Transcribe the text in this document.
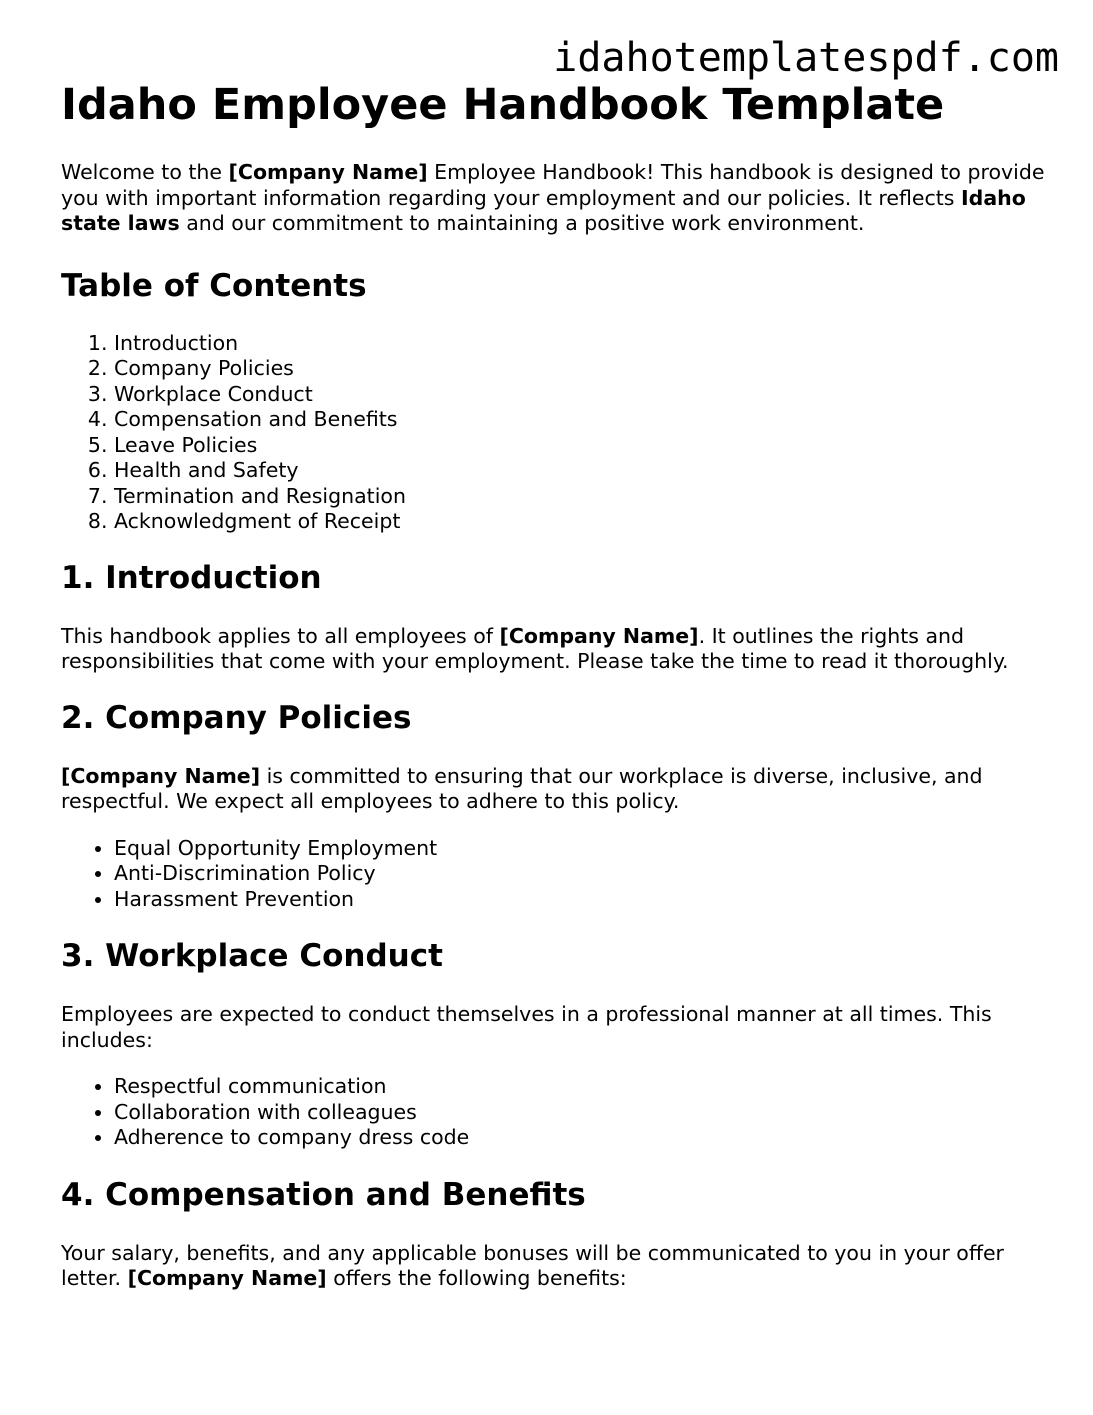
idahotemplatespdf.com
Idaho Employee Handbook Template

Welcome to the [Company Name] Employee Handbook! This handbook is designed to provide you with important information regarding your employment and our policies. It reflects Idaho state laws and our commitment to maintaining a positive work environment.

Table of Contents
1. Introduction
2. Company Policies
3. Workplace Conduct
4. Compensation and Benefits
5. Leave Policies
6. Health and Safety
7. Termination and Resignation
8. Acknowledgment of Receipt
1. Introduction

This handbook applies to all employees of [Company Name]. It outlines the rights and responsibilities that come with your employment. Please take the time to read it thoroughly.

2. Company Policies

[Company Name] is committed to ensuring that our workplace is diverse, inclusive, and respectful. We expect all employees to adhere to this policy.

• Equal Opportunity Employment
• Anti-Discrimination Policy
• Harassment Prevention
3. Workplace Conduct

Employees are expected to conduct themselves in a professional manner at all times. This includes:

• Respectful communication
• Collaboration with colleagues
• Adherence to company dress code
4. Compensation and Benefits

Your salary, benefits, and any applicable bonuses will be communicated to you in your offer letter. [Company Name] offers the following benefits:
